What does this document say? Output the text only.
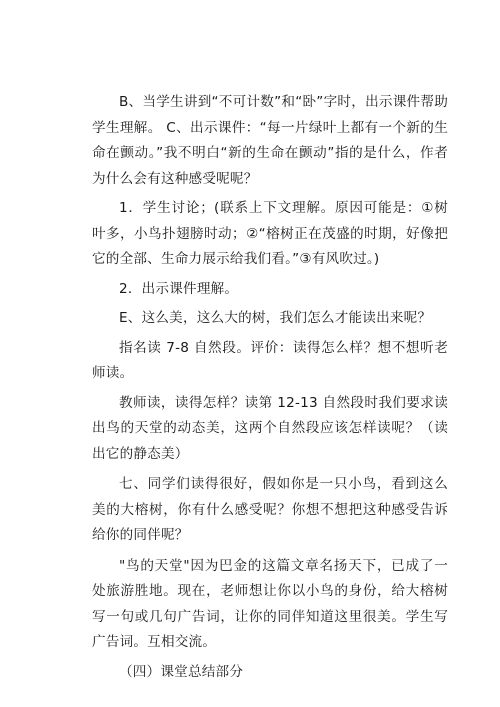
B、当学生讲到“不可计数”和“卧”字时，出示课件帮助学生理解。 C、出示课件：“每一片绿叶上都有一个新的生命在颤动。”我不明白“新的生命在颤动”指的是什么，作者为什么会有这种感受呢呢？

1．学生讨论；(联系上下文理解。原因可能是：①树叶多，小鸟扑翅膀时动；②“榕树正在茂盛的时期，好像把它的全部、生命力展示给我们看。”③有风吹过。)

2．出示课件理解。

E、这么美，这么大的树，我们怎么才能读出来呢？

指名读 7-8 自然段。评价：读得怎么样？想不想听老师读。

教师读，读得怎样？读第 12-13 自然段时我们要求读出鸟的天堂的动态美，这两个自然段应该怎样读呢？（读出它的静态美）

七、同学们读得很好，假如你是一只小鸟，看到这么美的大榕树，你有什么感受呢？你想不想把这种感受告诉给你的同伴呢？

"鸟的天堂"因为巴金的这篇文章名扬天下，已成了一处旅游胜地。现在，老师想让你以小鸟的身份，给大榕树写一句或几句广告词，让你的同伴知道这里很美。学生写广告词。互相交流。

（四）课堂总结部分
